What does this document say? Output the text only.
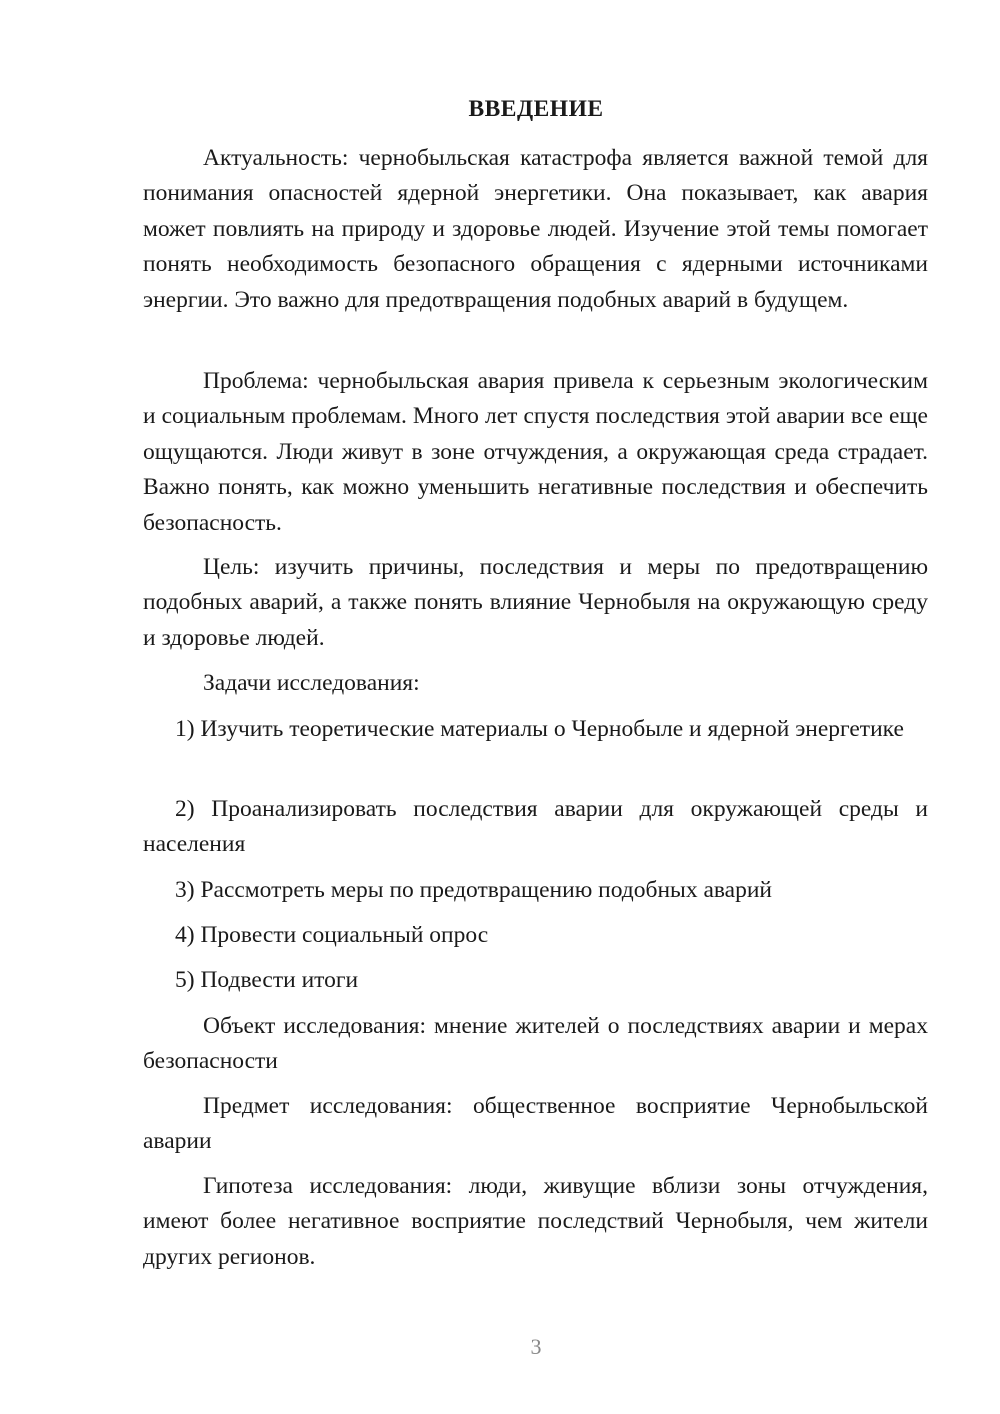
ВВЕДЕНИЕ

Актуальность: чернобыльская катастрофа является важной темой для понимания опасностей ядерной энергетики. Она показывает, как авария может повлиять на природу и здоровье людей. Изучение этой темы помогает понять необходимость безопасного обращения с ядерными источниками энергии. Это важно для предотвращения подобных аварий в будущем.

Проблема: чернобыльская авария привела к серьезным экологическим и социальным проблемам. Много лет спустя последствия этой аварии все еще ощущаются. Люди живут в зоне отчуждения, а окружающая среда страдает. Важно понять, как можно уменьшить негативные последствия и обеспечить безопасность.

Цель: изучить причины, последствия и меры по предотвращению подобных аварий, а также понять влияние Чернобыля на окружающую среду и здоровье людей.

Задачи исследования:

1) Изучить теоретические материалы о Чернобыле и ядерной энергетике

2) Проанализировать последствия аварии для окружающей среды и населения

3) Рассмотреть меры по предотвращению подобных аварий

4) Провести социальный опрос

5) Подвести итоги

Объект исследования: мнение жителей о последствиях аварии и мерах безопасности

Предмет исследования: общественное восприятие Чернобыльской аварии

Гипотеза исследования: люди, живущие вблизи зоны отчуждения, имеют более негативное восприятие последствий Чернобыля, чем жители других регионов.

3
